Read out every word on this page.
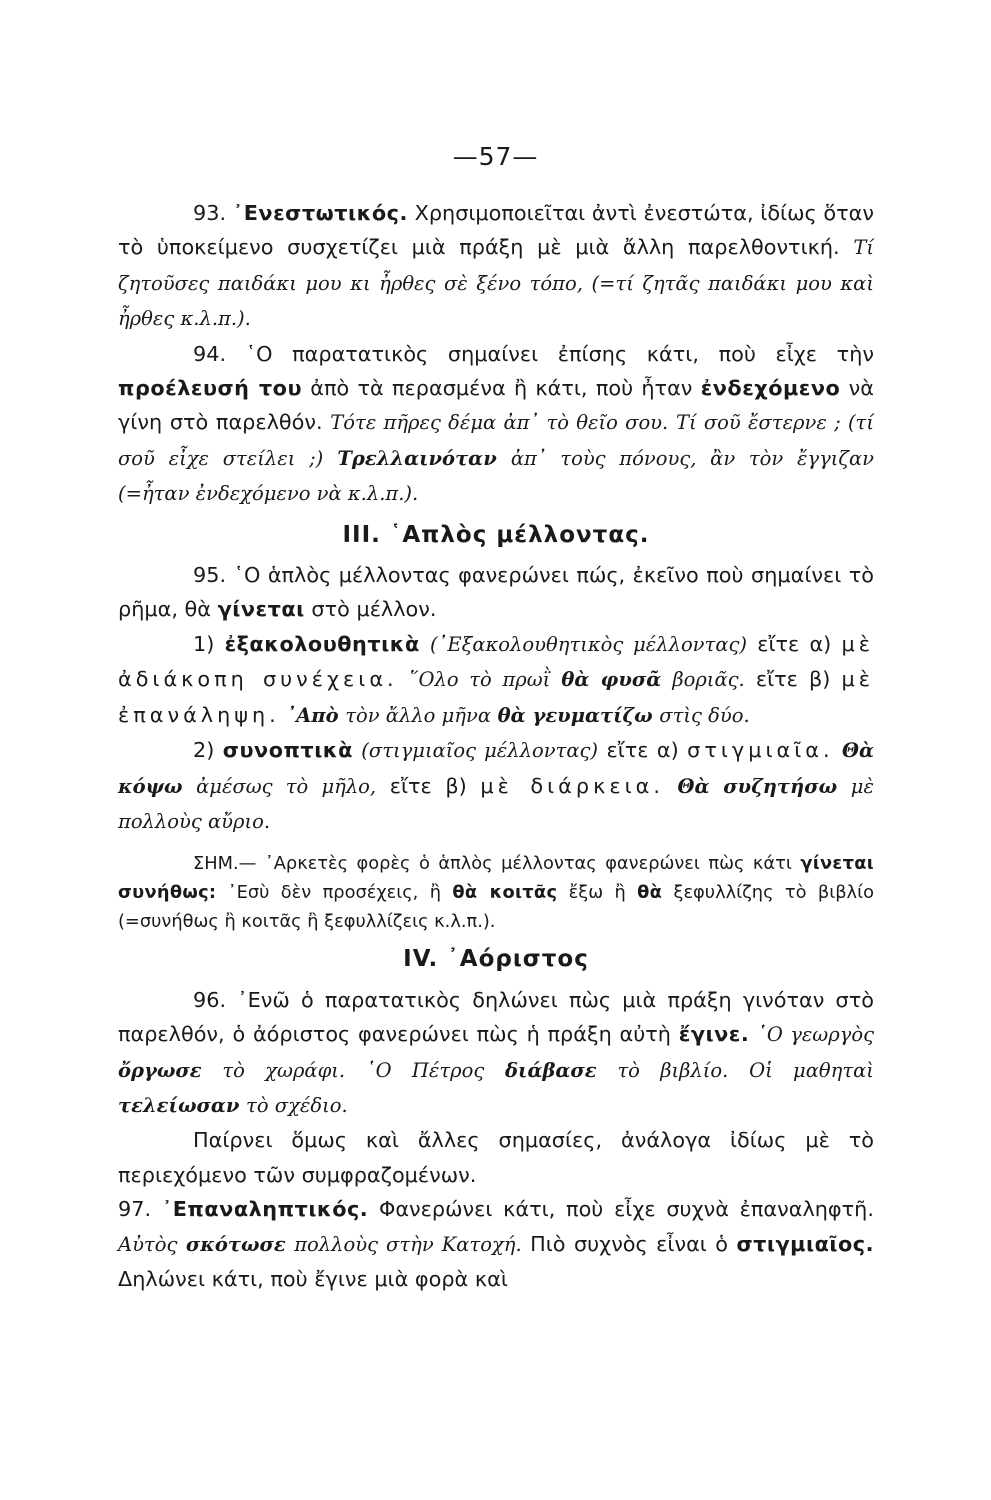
—57—

93. ᾿Ενεστωτικός. Χρησιμοποιεῖται ἀντὶ ἐνεστώτα, ἰδίως ὅταν τὸ ὑποκείμενο συσχετίζει μιὰ πράξη μὲ μιὰ ἄλλη παρελθοντική. Τί ζητοῦσες παιδάκι μου κι ἦρθες σὲ ξένο τόπο, (=τί ζητᾶς παιδάκι μου καὶ ἦρθες κ.λ.π.).

94. ῾Ο παρατατικὸς σημαίνει ἐπίσης κάτι, ποὺ εἶχε τὴν προέλευσή του ἀπὸ τὰ περασμένα ἢ κάτι, ποὺ ἦταν ἐνδεχόμενο νὰ γίνη στὸ παρελθόν. Τότε πῆρες δέμα ἀπ᾿ τὸ θεῖο σου. Τί σοῦ ἔστερνε ; (τί σοῦ εἶχε στείλει ;) Τρελλαινόταν ἀπ᾿ τοὺς πόνους, ἂν τὸν ἔγγιζαν (=ἦταν ἐνδεχόμενο νὰ κ.λ.π.).

ΙΙΙ. ῾Απλὸς μέλλοντας.

95. ῾Ο ἁπλὸς μέλλοντας φανερώνει πώς, ἐκεῖνο ποὺ σημαίνει τὸ ρῆμα, θὰ γίνεται στὸ μέλλον.

1) ἐξακολουθητικὰ (᾿Εξακολουθητικὸς μέλλοντας) εἴτε α) μὲ ἀδιάκοπη συνέχεια. ῞Ολο τὸ πρωῒ θὰ φυσᾶ βοριᾶς. εἴτε β) μὲ ἐπανάληψη. ᾿Απὸ τὸν ἄλλο μῆνα θὰ γευματίζω στὶς δύο.

2) συνοπτικὰ (στιγμιαῖος μέλλοντας) εἴτε α) στιγμιαῖα. Θὰ κόψω ἀμέσως τὸ μῆλο, εἴτε β) μὲ διάρκεια. Θὰ συζητήσω μὲ πολλοὺς αὔριο.

ΣΗΜ.— ᾿Αρκετὲς φορὲς ὁ ἁπλὸς μέλλοντας φανερώνει πὼς κάτι γίνεται συνήθως: ᾿Εσὺ δὲν προσέχεις, ἢ θὰ κοιτᾶς ἔξω ἢ θὰ ξεφυλλίζης τὸ βιβλίο (=συνήθως ἢ κοιτᾶς ἢ ξεφυλλίζεις κ.λ.π.).

IV. ᾿Αόριστος

96. ᾿Ενῶ ὁ παρατατικὸς δηλώνει πὼς μιὰ πράξη γινόταν στὸ παρελθόν, ὁ ἀόριστος φανερώνει πὼς ἡ πράξη αὐτὴ ἔγινε. ῾Ο γεωργὸς ὄργωσε τὸ χωράφι. ῾Ο Πέτρος διάβασε τὸ βιβλίο. Οἱ μαθηταὶ τελείωσαν τὸ σχέδιο.

Παίρνει ὅμως καὶ ἄλλες σημασίες, ἀνάλογα ἰδίως μὲ τὸ περιεχόμενο τῶν συμφραζομένων.

97. ᾿Επαναληπτικός. Φανερώνει κάτι, ποὺ εἶχε συχνὰ ἐπαναληφτῆ. Αὐτὸς σκότωσε πολλοὺς στὴν Κατοχή. Πιὸ συχνὸς εἶναι ὁ στιγμιαῖος. Δηλώνει κάτι, ποὺ ἔγινε μιὰ φορὰ καὶ
